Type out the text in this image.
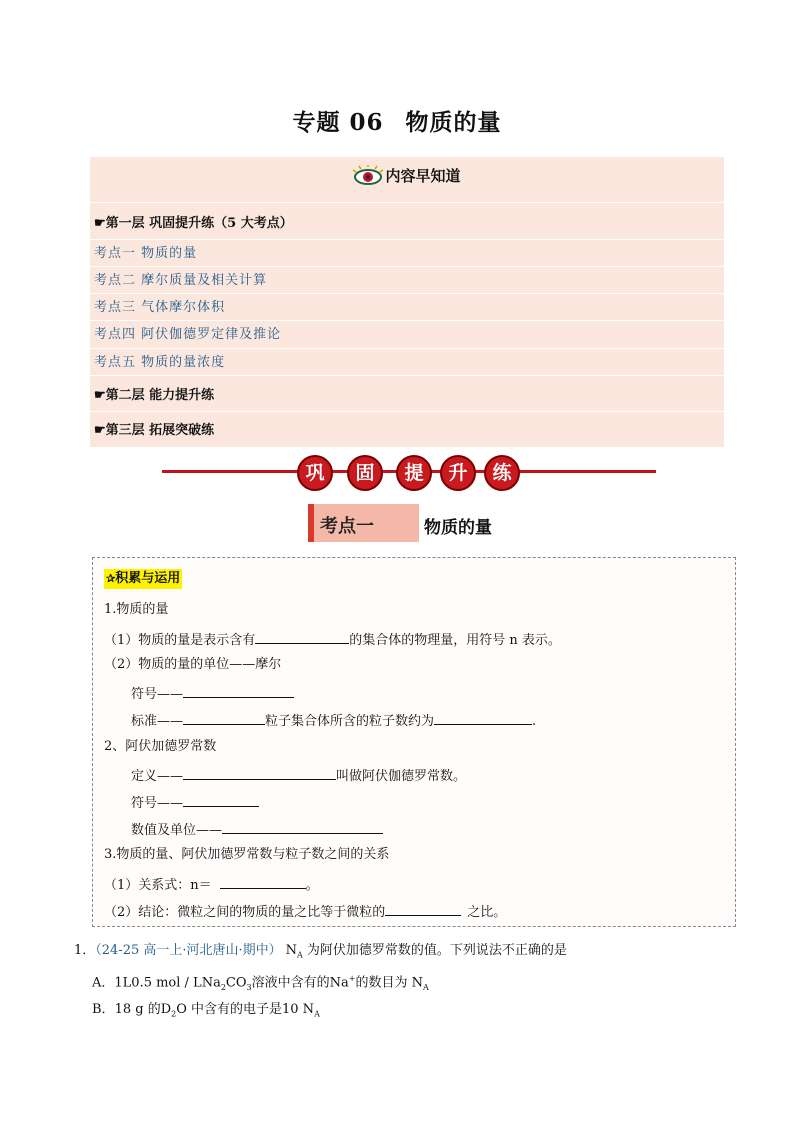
专题 06 物质的量
内容早知道
☛第一层 巩固提升练（5 大考点）
考点一 物质的量
考点二 摩尔质量及相关计算
考点三 气体摩尔体积
考点四 阿伏伽德罗定律及推论
考点五 物质的量浓度
☛第二层 能力提升练
☛第三层 拓展突破练
巩	固	提	升	练
考点一	物质的量
✰积累与运用
1.物质的量
（1）物质的量是表示含有	的集合体的物理量，用符号 n 表示。
（2）物质的量的单位——摩尔
符号——
标准——	粒子集合体所含的粒子数约为	.
2、阿伏加德罗常数
定义——	叫做阿伏伽德罗常数。
符号——
数值及单位——
3.物质的量、阿伏加德罗常数与粒子数之间的关系
（1）关系式：n＝	。
（2）结论：微粒之间的物质的量之比等于微粒的	之比。
1．（24-25 高一上·河北唐山·期中） $N_A$ 为阿伏加德罗常数的值。下列说法不正确的是
A．1L0.5 mol / $LNa_2CO_3$溶液中含有的Na+的数目为 $N_A$
B．18 g 的$D_2O$ 中含有的电子是10 $N_A$
